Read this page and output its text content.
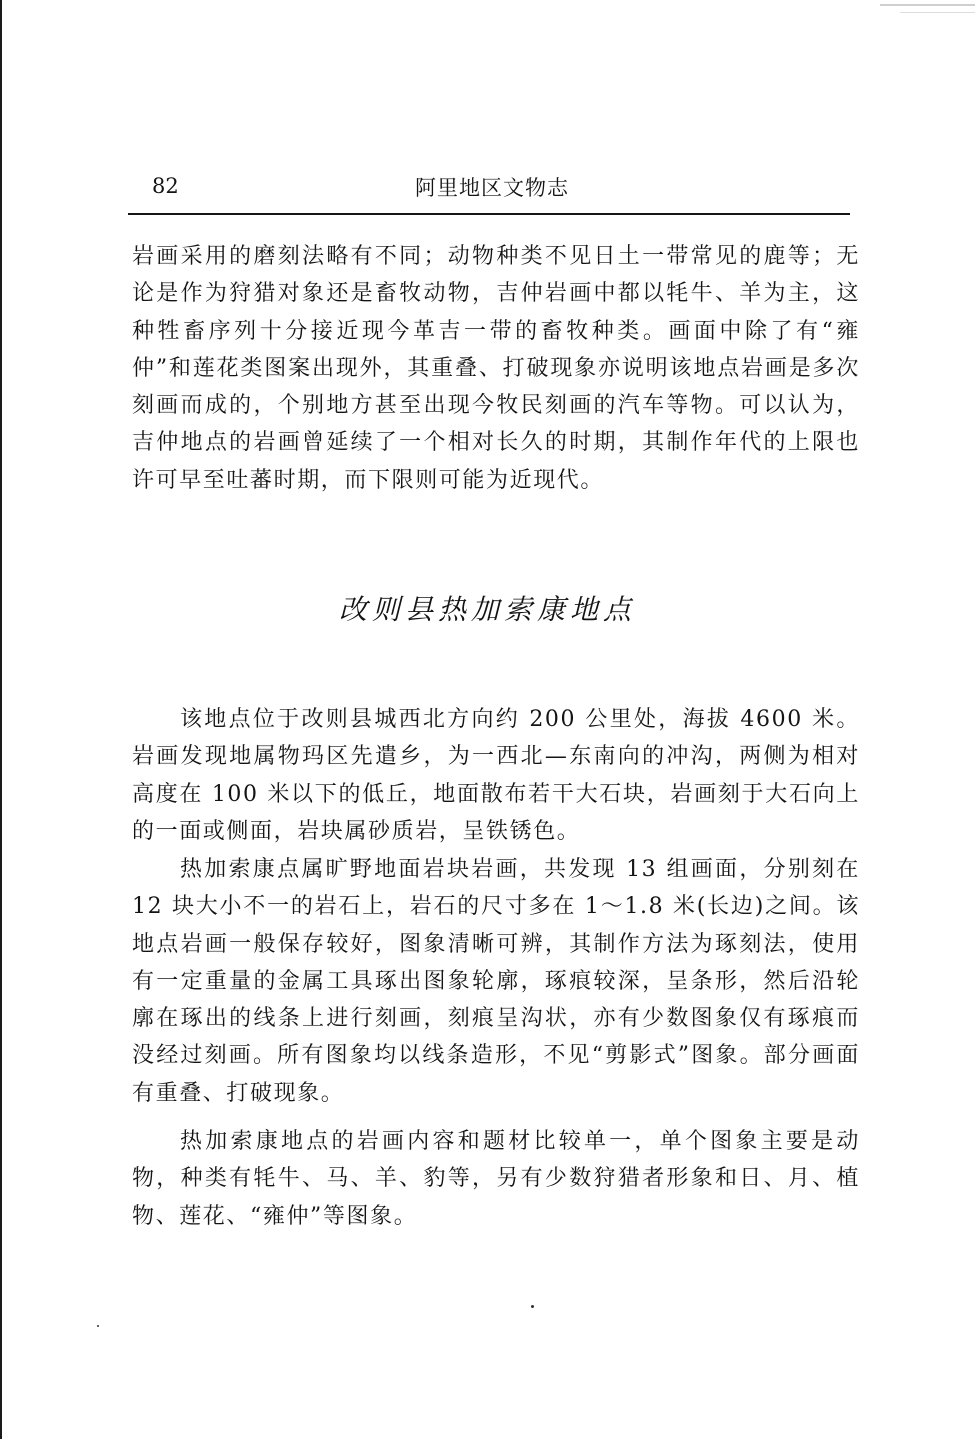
82	阿里地区文物志

岩画采用的磨刻法略有不同；动物种类不见日土一带常见的鹿等；无论是作为狩猎对象还是畜牧动物，吉仲岩画中都以牦牛、羊为主，这种牲畜序列十分接近现今革吉一带的畜牧种类。画面中除了有“雍仲”和莲花类图案出现外，其重叠、打破现象亦说明该地点岩画是多次刻画而成的，个别地方甚至出现今牧民刻画的汽车等物。可以认为，吉仲地点的岩画曾延续了一个相对长久的时期，其制作年代的上限也许可早至吐蕃时期，而下限则可能为近现代。

改则县热加索康地点

该地点位于改则县城西北方向约 200 公里处，海拔 4600 米。岩画发现地属物玛区先遣乡，为一西北—东南向的冲沟，两侧为相对高度在 100 米以下的低丘，地面散布若干大石块，岩画刻于大石向上的一面或侧面，岩块属砂质岩，呈铁锈色。

热加索康点属旷野地面岩块岩画，共发现 13 组画面，分别刻在 12 块大小不一的岩石上，岩石的尺寸多在 1～1.8 米(长边)之间。该地点岩画一般保存较好，图象清晰可辨，其制作方法为琢刻法，使用有一定重量的金属工具琢出图象轮廓，琢痕较深，呈条形，然后沿轮廓在琢出的线条上进行刻画，刻痕呈沟状，亦有少数图象仅有琢痕而没经过刻画。所有图象均以线条造形，不见“剪影式”图象。部分画面有重叠、打破现象。

热加索康地点的岩画内容和题材比较单一，单个图象主要是动物，种类有牦牛、马、羊、豹等，另有少数狩猎者形象和日、月、植物、莲花、“雍仲”等图象。
